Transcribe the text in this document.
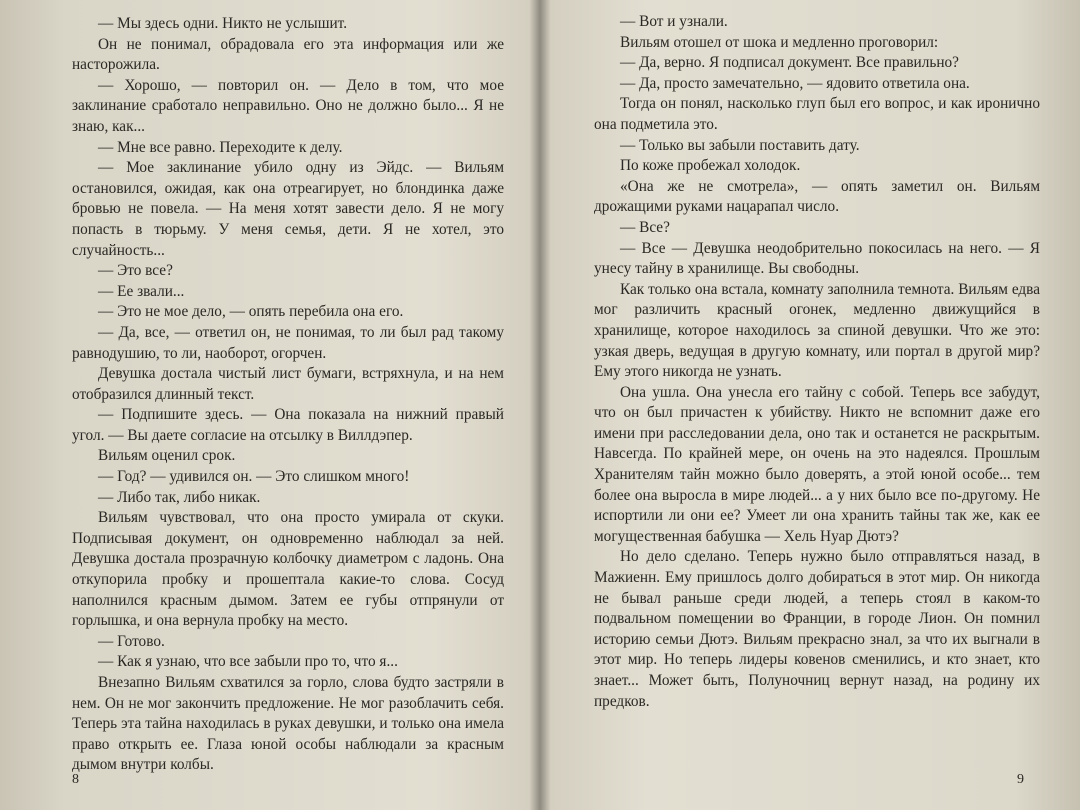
— Мы здесь одни. Никто не услышит.

Он не понимал, обрадовала его эта информация или же насторожила.

— Хорошо, — повторил он. — Дело в том, что мое заклинание сработало неправильно. Оно не должно было... Я не знаю, как...

— Мне все равно. Переходите к делу.

— Мое заклинание убило одну из Эйдс. — Вильям остановился, ожидая, как она отреагирует, но блондинка даже бровью не повела. — На меня хотят завести дело. Я не могу попасть в тюрьму. У меня семья, дети. Я не хотел, это случайность...

— Это все?

— Ее звали...

— Это не мое дело, — опять перебила она его.

— Да, все, — ответил он, не понимая, то ли был рад такому равнодушию, то ли, наоборот, огорчен.

Девушка достала чистый лист бумаги, встряхнула, и на нем отобразился длинный текст.

— Подпишите здесь. — Она показала на нижний правый угол. — Вы даете согласие на отсылку в Виллдэпер.

Вильям оценил срок.

— Год? — удивился он. — Это слишком много!

— Либо так, либо никак.

Вильям чувствовал, что она просто умирала от скуки. Подписывая документ, он одновременно наблюдал за ней. Девушка достала прозрачную колбочку диаметром с ладонь. Она откупорила пробку и прошептала какие-то слова. Сосуд наполнился красным дымом. Затем ее губы отпрянули от горлышка, и она вернула пробку на место.

— Готово.

— Как я узнаю, что все забыли про то, что я...

Внезапно Вильям схватился за горло, слова будто застряли в нем. Он не мог закончить предложение. Не мог разоблачить себя. Теперь эта тайна находилась в руках девушки, и только она имела право открыть ее. Глаза юной особы наблюдали за красным дымом внутри колбы.

8

— Вот и узнали.

Вильям отошел от шока и медленно проговорил:

— Да, верно. Я подписал документ. Все правильно?

— Да, просто замечательно, — ядовито ответила она.

Тогда он понял, насколько глуп был его вопрос, и как иронично она подметила это.

— Только вы забыли поставить дату.

По коже пробежал холодок.

«Она же не смотрела», — опять заметил он. Вильям дрожащими руками нацарапал число.

— Все?

— Все — Девушка неодобрительно покосилась на него. — Я унесу тайну в хранилище. Вы свободны.

Как только она встала, комнату заполнила темнота. Вильям едва мог различить красный огонек, медленно движущийся в хранилище, которое находилось за спиной девушки. Что же это: узкая дверь, ведущая в другую комнату, или портал в другой мир? Ему этого никогда не узнать.

Она ушла. Она унесла его тайну с собой. Теперь все забудут, что он был причастен к убийству. Никто не вспомнит даже его имени при расследовании дела, оно так и останется не раскрытым. Навсегда. По крайней мере, он очень на это надеялся. Прошлым Хранителям тайн можно было доверять, а этой юной особе... тем более она выросла в мире людей... а у них было все по-другому. Не испортили ли они ее? Умеет ли она хранить тайны так же, как ее могущественная бабушка — Хель Нуар Дютэ?

Но дело сделано. Теперь нужно было отправляться назад, в Мажиенн. Ему пришлось долго добираться в этот мир. Он никогда не бывал раньше среди людей, а теперь стоял в каком-то подвальном помещении во Франции, в городе Лион. Он помнил историю семьи Дютэ. Вильям прекрасно знал, за что их выгнали в этот мир. Но теперь лидеры ковенов сменились, и кто знает, кто знает... Может быть, Полуночниц вернут назад, на родину их предков.

9
